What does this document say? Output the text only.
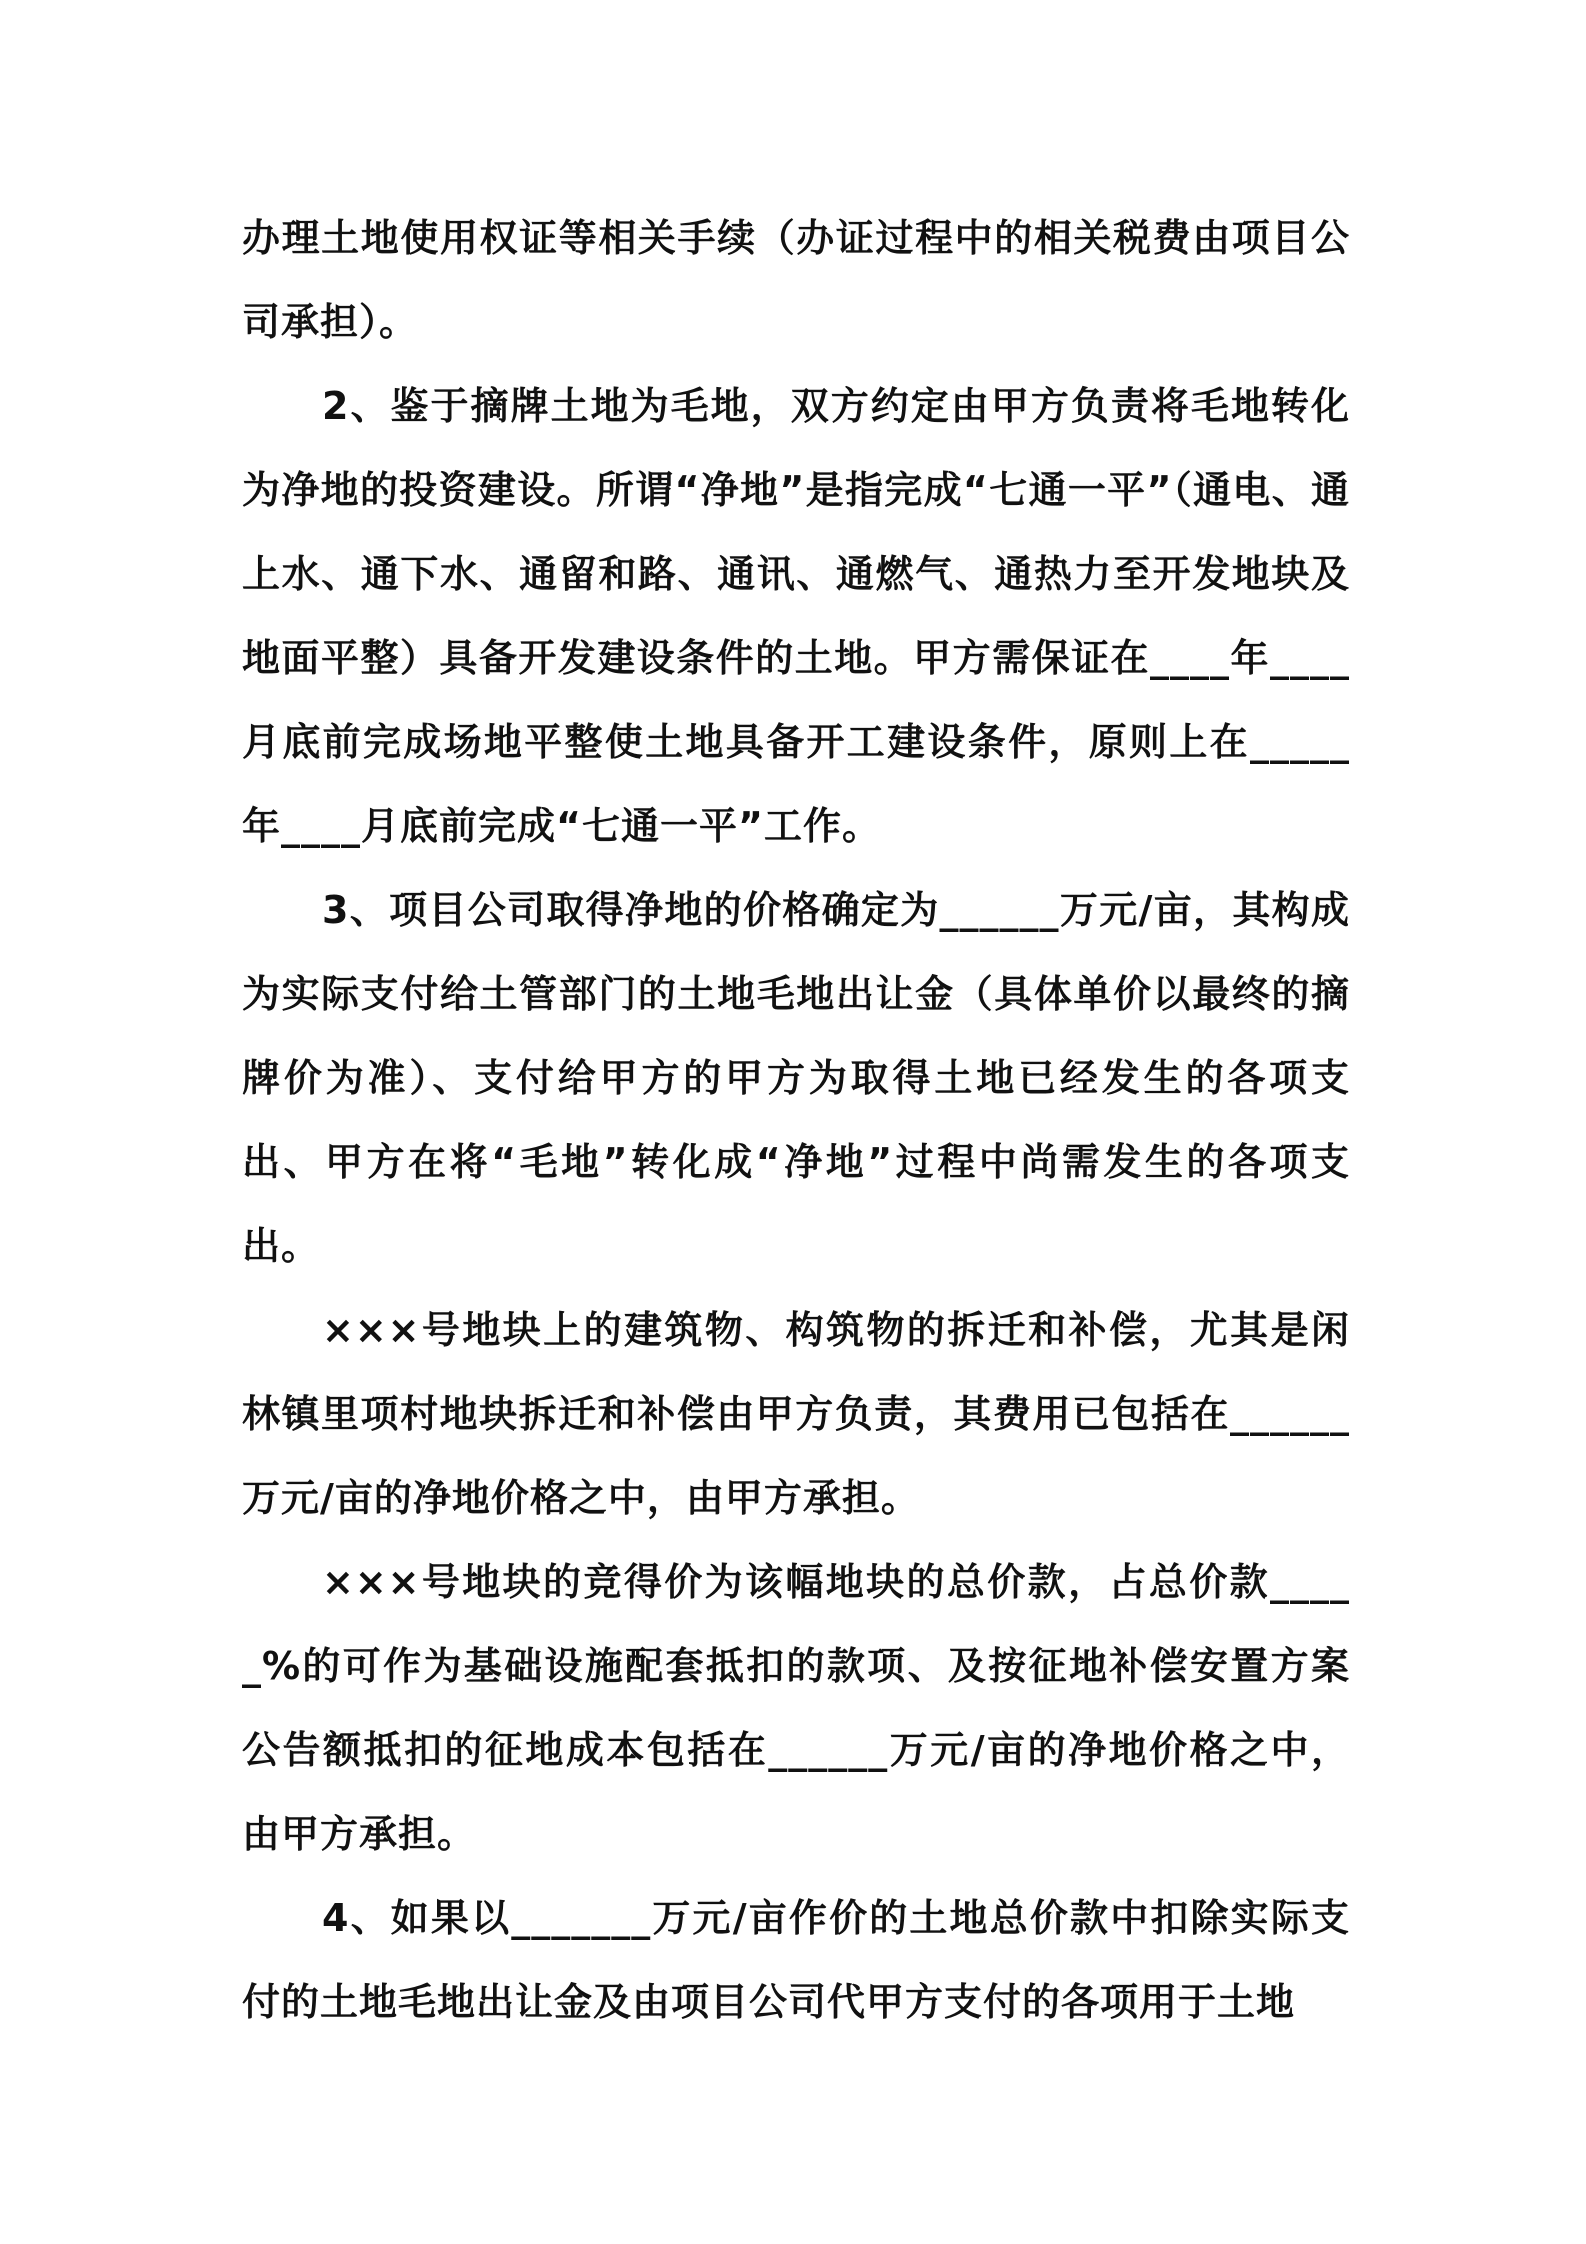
办理土地使用权证等相关手续（办证过程中的相关税费由项目公司承担）。

2、鉴于摘牌土地为毛地，双方约定由甲方负责将毛地转化为净地的投资建设。所谓“净地”是指完成“七通一平”（通电、通上水、通下水、通留和路、通讯、通燃气、通热力至开发地块及地面平整）具备开发建设条件的土地。甲方需保证在____年____月底前完成场地平整使土地具备开工建设条件，原则上在_____年____月底前完成“七通一平”工作。

3、项目公司取得净地的价格确定为______万元/亩，其构成为实际支付给土管部门的土地毛地出让金（具体单价以最终的摘牌价为准）、支付给甲方的甲方为取得土地已经发生的各项支出、甲方在将“毛地”转化成“净地”过程中尚需发生的各项支出。

×××号地块上的建筑物、构筑物的拆迁和补偿，尤其是闲林镇里项村地块拆迁和补偿由甲方负责，其费用已包括在______万元/亩的净地价格之中，由甲方承担。

×××号地块的竞得价为该幅地块的总价款，占总价款_____%的可作为基础设施配套抵扣的款项、及按征地补偿安置方案公告额抵扣的征地成本包括在______万元/亩的净地价格之中，由甲方承担。

4、如果以_______万元/亩作价的土地总价款中扣除实际支付的土地毛地出让金及由项目公司代甲方支付的各项用于土地
